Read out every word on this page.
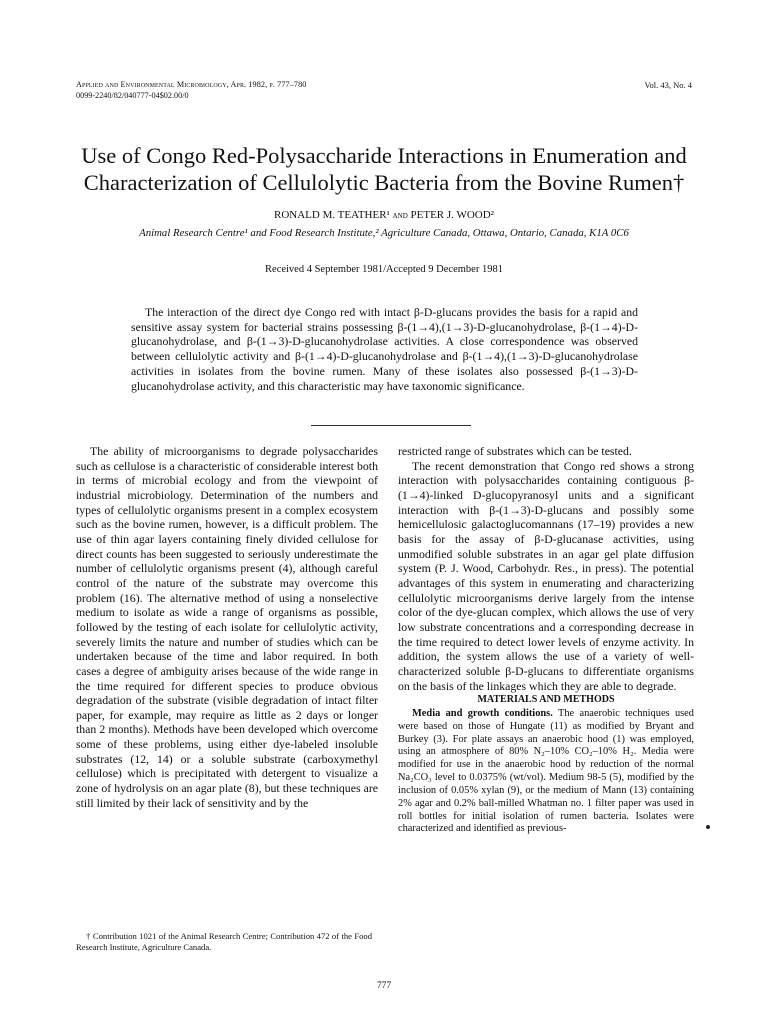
Applied and Environmental Microbiology, Apr. 1982, p. 777–780
0099-2240/82/040777-04$02.00/0
Vol. 43, No. 4
Use of Congo Red-Polysaccharide Interactions in Enumeration and Characterization of Cellulolytic Bacteria from the Bovine Rumen†
RONALD M. TEATHER¹ and PETER J. WOOD²
Animal Research Centre¹ and Food Research Institute,² Agriculture Canada, Ottawa, Ontario, Canada, K1A 0C6
Received 4 September 1981/Accepted 9 December 1981

The interaction of the direct dye Congo red with intact β-D-glucans provides the basis for a rapid and sensitive assay system for bacterial strains possessing β-(1→4),(1→3)-D-glucanohydrolase, β-(1→4)-D-glucanohydrolase, and β-(1→3)-D-glucanohydrolase activities. A close correspondence was observed between cellulolytic activity and β-(1→4)-D-glucanohydrolase and β-(1→4),(1→3)-D-glucanohydrolase activities in isolates from the bovine rumen. Many of these isolates also possessed β-(1→3)-D-glucanohydrolase activity, and this characteristic may have taxonomic significance.

The ability of microorganisms to degrade polysaccharides such as cellulose is a characteristic of considerable interest both in terms of microbial ecology and from the viewpoint of industrial microbiology. Determination of the numbers and types of cellulolytic organisms present in a complex ecosystem such as the bovine rumen, however, is a difficult problem. The use of thin agar layers containing finely divided cellulose for direct counts has been suggested to seriously underestimate the number of cellulolytic organisms present (4), although careful control of the nature of the substrate may overcome this problem (16). The alternative method of using a nonselective medium to isolate as wide a range of organisms as possible, followed by the testing of each isolate for cellulolytic activity, severely limits the nature and number of studies which can be undertaken because of the time and labor required. In both cases a degree of ambiguity arises because of the wide range in the time required for different species to produce obvious degradation of the substrate (visible degradation of intact filter paper, for example, may require as little as 2 days or longer than 2 months). Methods have been developed which overcome some of these problems, using either dye-labeled insoluble substrates (12, 14) or a soluble substrate (carboxymethyl cellulose) which is precipitated with detergent to visualize a zone of hydrolysis on an agar plate (8), but these techniques are still limited by their lack of sensitivity and by the

† Contribution 1021 of the Animal Research Centre; Contribution 472 of the Food Research Institute, Agriculture Canada.

restricted range of substrates which can be tested.

The recent demonstration that Congo red shows a strong interaction with polysaccharides containing contiguous β-(1→4)-linked D-glucopyranosyl units and a significant interaction with β-(1→3)-D-glucans and possibly some hemicellulosic galactoglucomannans (17–19) provides a new basis for the assay of β-D-glucanase activities, using unmodified soluble substrates in an agar gel plate diffusion system (P. J. Wood, Carbohydr. Res., in press). The potential advantages of this system in enumerating and characterizing cellulolytic microorganisms derive largely from the intense color of the dye-glucan complex, which allows the use of very low substrate concentrations and a corresponding decrease in the time required to detect lower levels of enzyme activity. In addition, the system allows the use of a variety of well-characterized soluble β-D-glucans to differentiate organisms on the basis of the linkages which they are able to degrade.

MATERIALS AND METHODS

Media and growth conditions. The anaerobic techniques used were based on those of Hungate (11) as modified by Bryant and Burkey (3). For plate assays an anaerobic hood (1) was employed, using an atmosphere of 80% N₂–10% CO₂–10% H₂. Media were modified for use in the anaerobic hood by reduction of the normal Na₂CO₃ level to 0.0375% (wt/vol). Medium 98-5 (5), modified by the inclusion of 0.05% xylan (9), or the medium of Mann (13) containing 2% agar and 0.2% ball-milled Whatman no. 1 filter paper was used in roll bottles for initial isolation of rumen bacteria. Isolates were characterized and identified as previous-

777
